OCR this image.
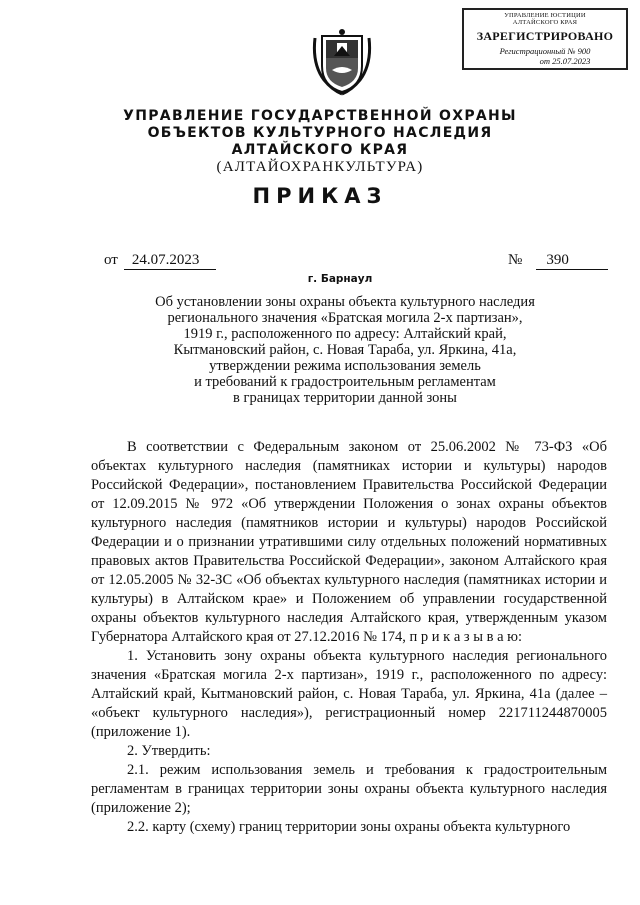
УПРАВЛЕНИЕ ЮСТИЦИИ
АЛТАЙСКОГО КРАЯ
ЗАРЕГИСТРИРОВАНО
Регистрационный № 900
от 25.07.2023
УПРАВЛЕНИЕ ГОСУДАРСТВЕННОЙ ОХРАНЫ
ОБЪЕКТОВ КУЛЬТУРНОГО НАСЛЕДИЯ
АЛТАЙСКОГО КРАЯ
(АЛТАЙОХРАНКУЛЬТУРА)
ПРИКАЗ
от 24.07.2023	№ 390
г. Барнаул
Об установлении зоны охраны объекта культурного наследия
регионального значения «Братская могила 2-х партизан»,
1919 г., расположенного по адресу: Алтайский край,
Кытмановский район, с. Новая Тараба, ул. Яркина, 41а,
утверждении режима использования земель
и требований к градостроительным регламентам
в границах территории данной зоны

В соответствии с Федеральным законом от 25.06.2002 № 73-ФЗ «Об объектах культурного наследия (памятниках истории и культуры) народов Российской Федерации», постановлением Правительства Российской Федерации от 12.09.2015 № 972 «Об утверждении Положения о зонах охраны объектов культурного наследия (памятников истории и культуры) народов Российской Федерации и о признании утратившими силу отдельных положений нормативных правовых актов Правительства Российской Федерации», законом Алтайского края от 12.05.2005 № 32-ЗС «Об объектах культурного наследия (памятниках истории и культуры) в Алтайском крае» и Положением об управлении государственной охраны объектов культурного наследия Алтайского края, утвержденным указом Губернатора Алтайского края от 27.12.2016 № 174, п р и к а з ы в а ю:

1. Установить зону охраны объекта культурного наследия регионального значения «Братская могила 2-х партизан», 1919 г., расположенного по адресу: Алтайский край, Кытмановский район, с. Новая Тараба, ул. Яркина, 41а (далее – «объект культурного наследия»), регистрационный номер 221711244870005 (приложение 1).

2. Утвердить:

2.1. режим использования земель и требования к градостроительным регламентам в границах территории зоны охраны объекта культурного наследия (приложение 2);

2.2. карту (схему) границ территории зоны охраны объекта культурного
